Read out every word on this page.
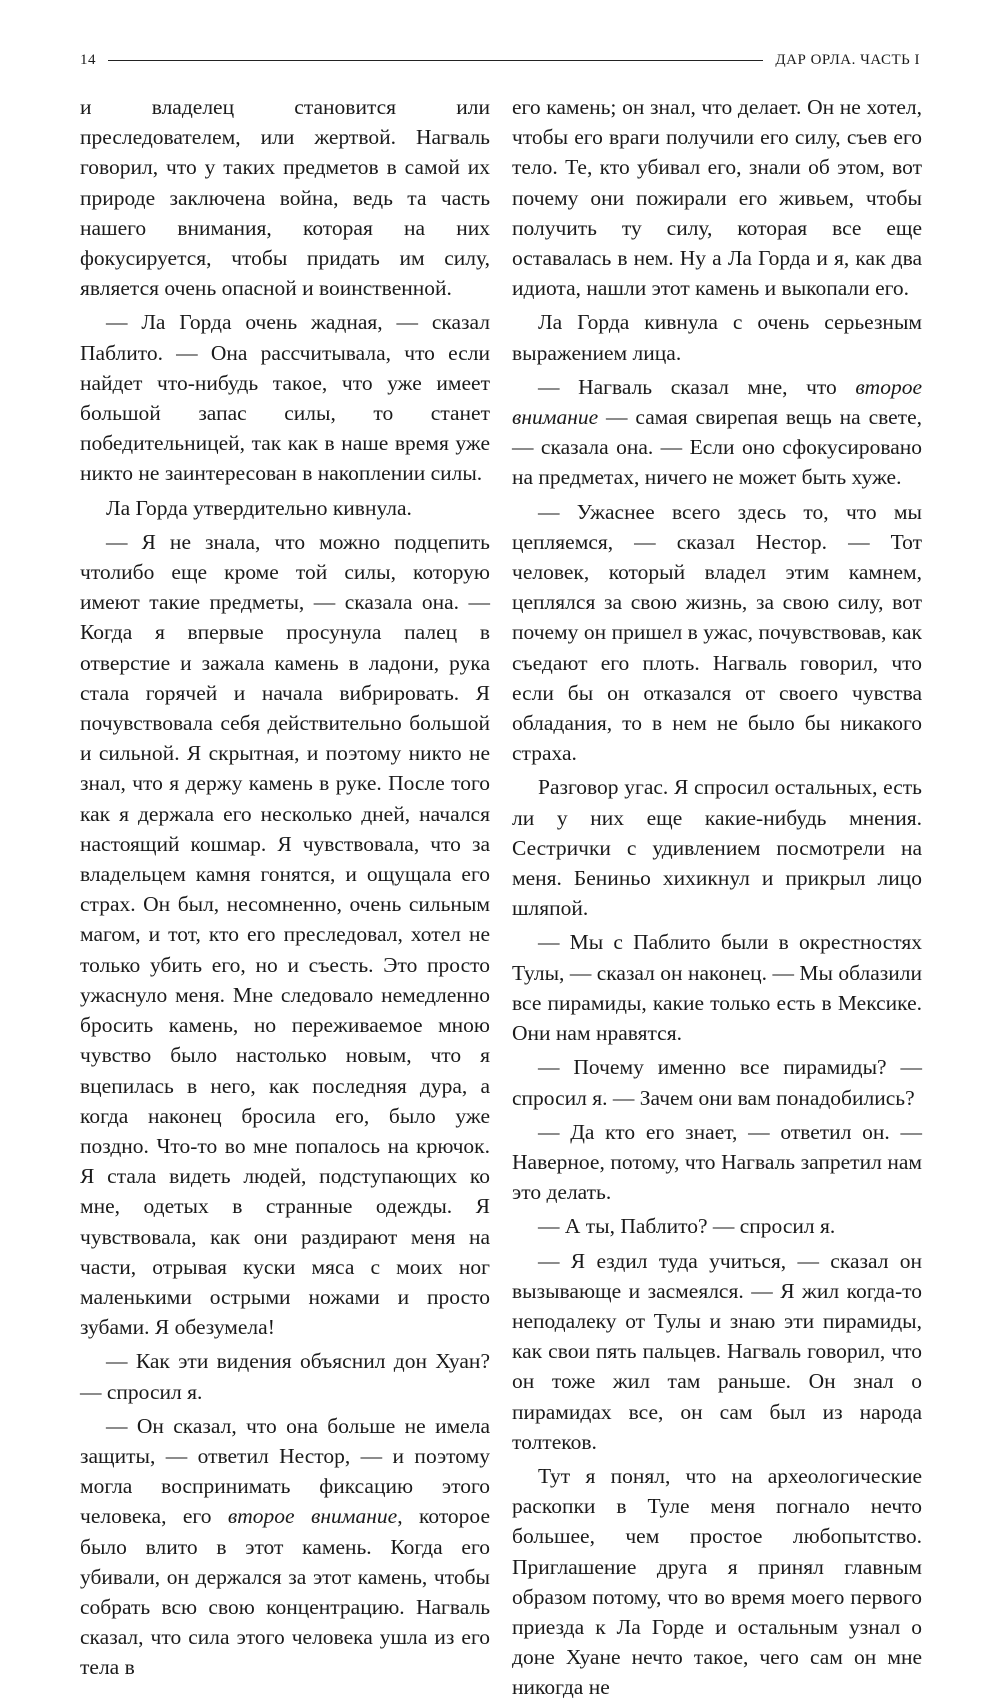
14	ДАР ОРЛА. ЧАСТЬ I

и владелец становится или преследователем, или жертвой. Нагваль говорил, что у таких предметов в самой их природе заключена война, ведь та часть нашего внимания, которая на них фокусируется, чтобы придать им силу, является очень опасной и воинственной.

— Ла Горда очень жадная, — сказал Паблито. — Она рассчитывала, что если найдет что-нибудь такое, что уже имеет большой запас силы, то станет победительницей, так как в наше время уже никто не заинтересован в накоплении силы.

Ла Горда утвердительно кивнула.

— Я не знала, что можно подцепить чтолибо еще кроме той силы, которую имеют такие предметы, — сказала она. — Когда я впервые просунула палец в отверстие и зажала камень в ладони, рука стала горячей и начала вибрировать. Я почувствовала себя действительно большой и сильной. Я скрытная, и поэтому никто не знал, что я держу камень в руке. После того как я держала его несколько дней, начался настоящий кошмар. Я чувствовала, что за владельцем камня гонятся, и ощущала его страх. Он был, несомненно, очень сильным магом, и тот, кто его преследовал, хотел не только убить его, но и съесть. Это просто ужаснуло меня. Мне следовало немедленно бросить камень, но переживаемое мною чувство было настолько новым, что я вцепилась в него, как последняя дура, а когда наконец бросила его, было уже поздно. Что-то во мне попалось на крючок. Я стала видеть людей, подступающих ко мне, одетых в странные одежды. Я чувствовала, как они раздирают меня на части, отрывая куски мяса с моих ног маленькими острыми ножами и просто зубами. Я обезумела!

— Как эти видения объяснил дон Хуан? — спросил я.

— Он сказал, что она больше не имела защиты, — ответил Нестор, — и поэтому могла воспринимать фиксацию этого человека, его второе внимание, которое было влито в этот камень. Когда его убивали, он держался за этот камень, чтобы собрать всю свою концентрацию. Нагваль сказал, что сила этого человека ушла из его тела в

его камень; он знал, что делает. Он не хотел, чтобы его враги получили его силу, съев его тело. Те, кто убивал его, знали об этом, вот почему они пожирали его живьем, чтобы получить ту силу, которая все еще оставалась в нем. Ну а Ла Горда и я, как два идиота, нашли этот камень и выкопали его.

Ла Горда кивнула с очень серьезным выражением лица.

— Нагваль сказал мне, что второе внимание — самая свирепая вещь на свете, — сказала она. — Если оно сфокусировано на предметах, ничего не может быть хуже.

— Ужаснее всего здесь то, что мы цепляемся, — сказал Нестор. — Тот человек, который владел этим камнем, цеплялся за свою жизнь, за свою силу, вот почему он пришел в ужас, почувствовав, как съедают его плоть. Нагваль говорил, что если бы он отказался от своего чувства обладания, то в нем не было бы никакого страха.

Разговор угас. Я спросил остальных, есть ли у них еще какие-нибудь мнения. Сестрички с удивлением посмотрели на меня. Бениньо хихикнул и прикрыл лицо шляпой.

— Мы с Паблито были в окрестностях Тулы, — сказал он наконец. — Мы облазили все пирамиды, какие только есть в Мексике. Они нам нравятся.

— Почему именно все пирамиды? — спросил я. — Зачем они вам понадобились?

— Да кто его знает, — ответил он. — Наверное, потому, что Нагваль запретил нам это делать.

— А ты, Паблито? — спросил я.

— Я ездил туда учиться, — сказал он вызывающе и засмеялся. — Я жил когда-то неподалеку от Тулы и знаю эти пирамиды, как свои пять пальцев. Нагваль говорил, что он тоже жил там раньше. Он знал о пирамидах все, он сам был из народа толтеков.

Тут я понял, что на археологические раскопки в Туле меня погнало нечто большее, чем простое любопытство. Приглашение друга я принял главным образом потому, что во время моего первого приезда к Ла Горде и остальным узнал о доне Хуане нечто такое, чего сам он мне никогда не
